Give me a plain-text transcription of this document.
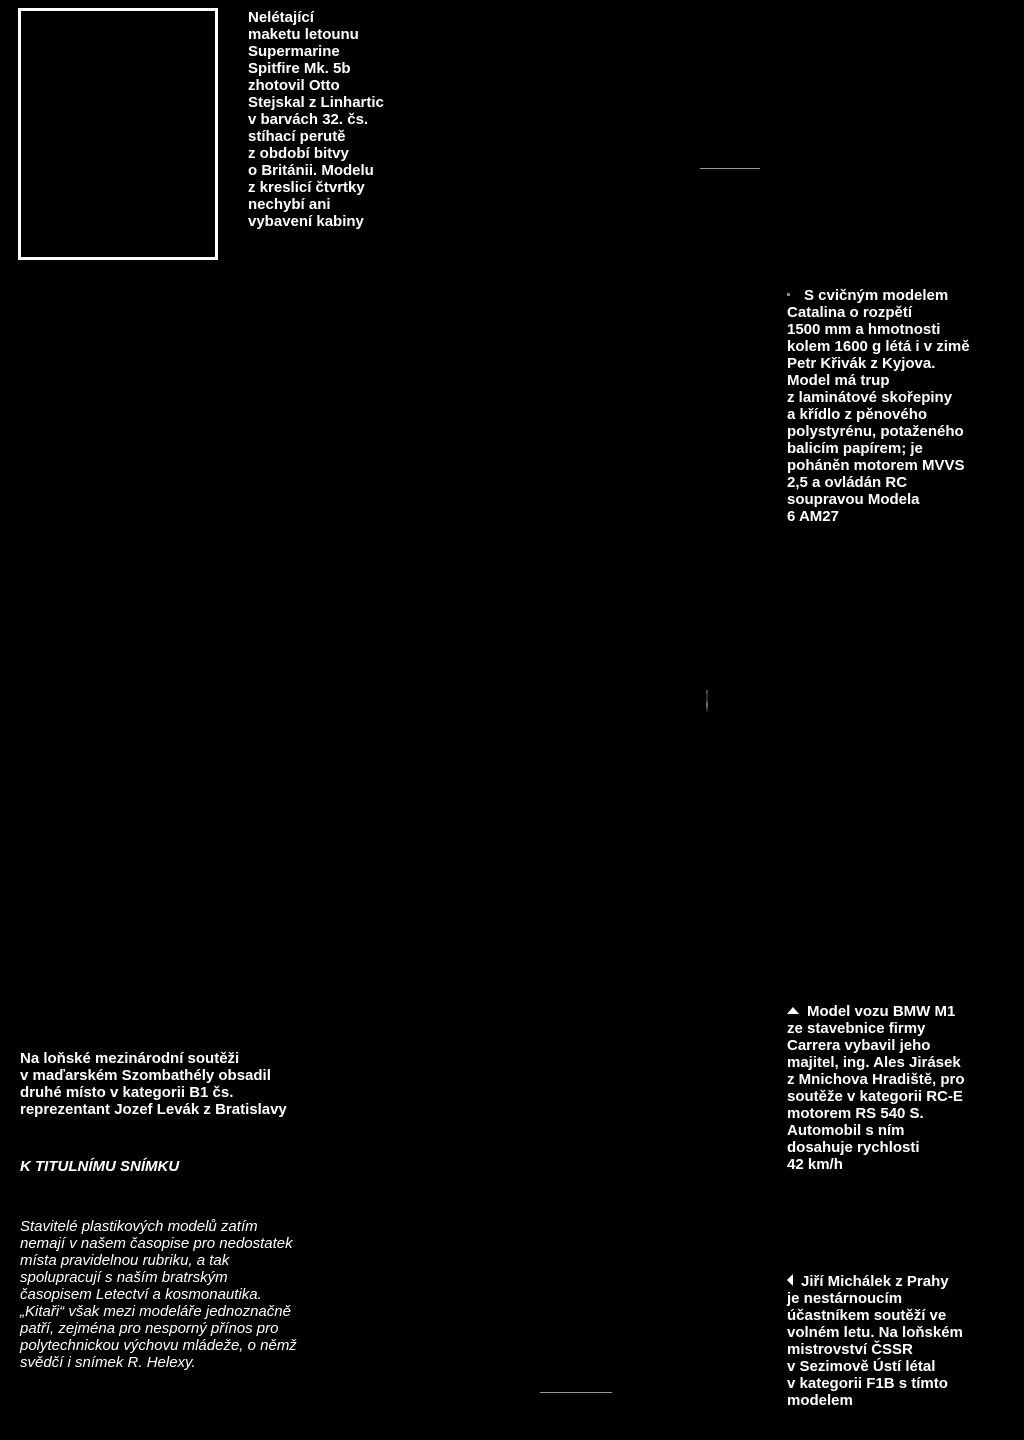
Nelétající
maketu letounu
Supermarine
Spitfire Mk. 5b
zhotovil Otto
Stejskal z Linhartic
v barvách 32. čs.
stíhací perutě
z období bitvy
o Británii. Modelu
z kreslicí čtvrtky
nechybí ani
vybavení kabiny

S cvičným modelem
Catalina o rozpětí
1500 mm a hmotnosti
kolem 1600 g létá i v zimě
Petr Křivák z Kyjova.
Model má trup
z laminátové skořepiny
a křídlo z pěnového
polystyrénu, potaženého
balicím papírem; je
poháněn motorem MVVS
2,5 a ovládán RC
soupravou Modela
6 AM27

Model vozu BMW M1
ze stavebnice firmy
Carrera vybavil jeho
majitel, ing. Ales Jirásek
z Mnichova Hradiště, pro
soutěže v kategorii RC-E
motorem RS 540 S.
Automobil s ním
dosahuje rychlosti
42 km/h

Na loňské mezinárodní soutěži
v maďarském Szombathély obsadil
druhé místo v kategorii B1 čs.
reprezentant Jozef Levák z Bratislavy
K TITULNÍMU SNÍMKU
Stavitelé plastikových modelů zatím
nemají v našem časopise pro nedostatek
místa pravidelnou rubriku, a tak
spolupracují s naším bratrským
časopisem Letectví a kosmonautika.
„Kitaři“ však mezi modeláře jednoznačně
patří, zejména pro nesporný přínos pro
polytechnickou výchovu mládeže, o němž
svědčí i snímek R. Helexy.

Jiří Michálek z Prahy
je nestárnoucím
účastníkem soutěží ve
volném letu. Na loňském
mistrovství ČSSR
v Sezimově Ústí létal
v kategorii F1B s tímto
modelem
